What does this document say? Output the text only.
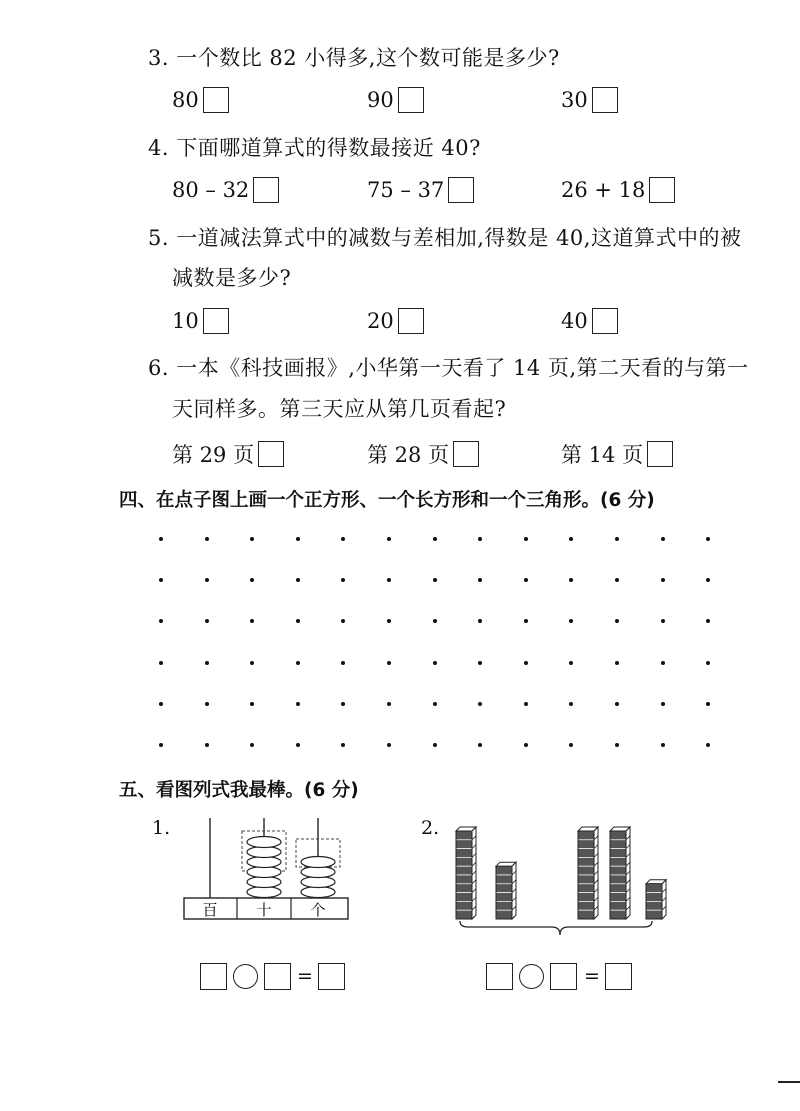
3. 一个数比 82 小得多,这个数可能是多少?
80	90	30
4. 下面哪道算式的得数最接近 40?
80 – 32	75 – 37	26 + 18
5. 一道减法算式中的减数与差相加,得数是 40,这道算式中的被
减数是多少?
10	20	40
6. 一本《科技画报》,小华第一天看了 14 页,第二天看的与第一
天同样多。第三天应从第几页看起?
第 29 页	第 28 页	第 14 页
四、在点子图上画一个正方形、一个长方形和一个三角形。(6 分)
五、看图列式我最棒。(6 分)
1.	2.
百	十	个
=	=
